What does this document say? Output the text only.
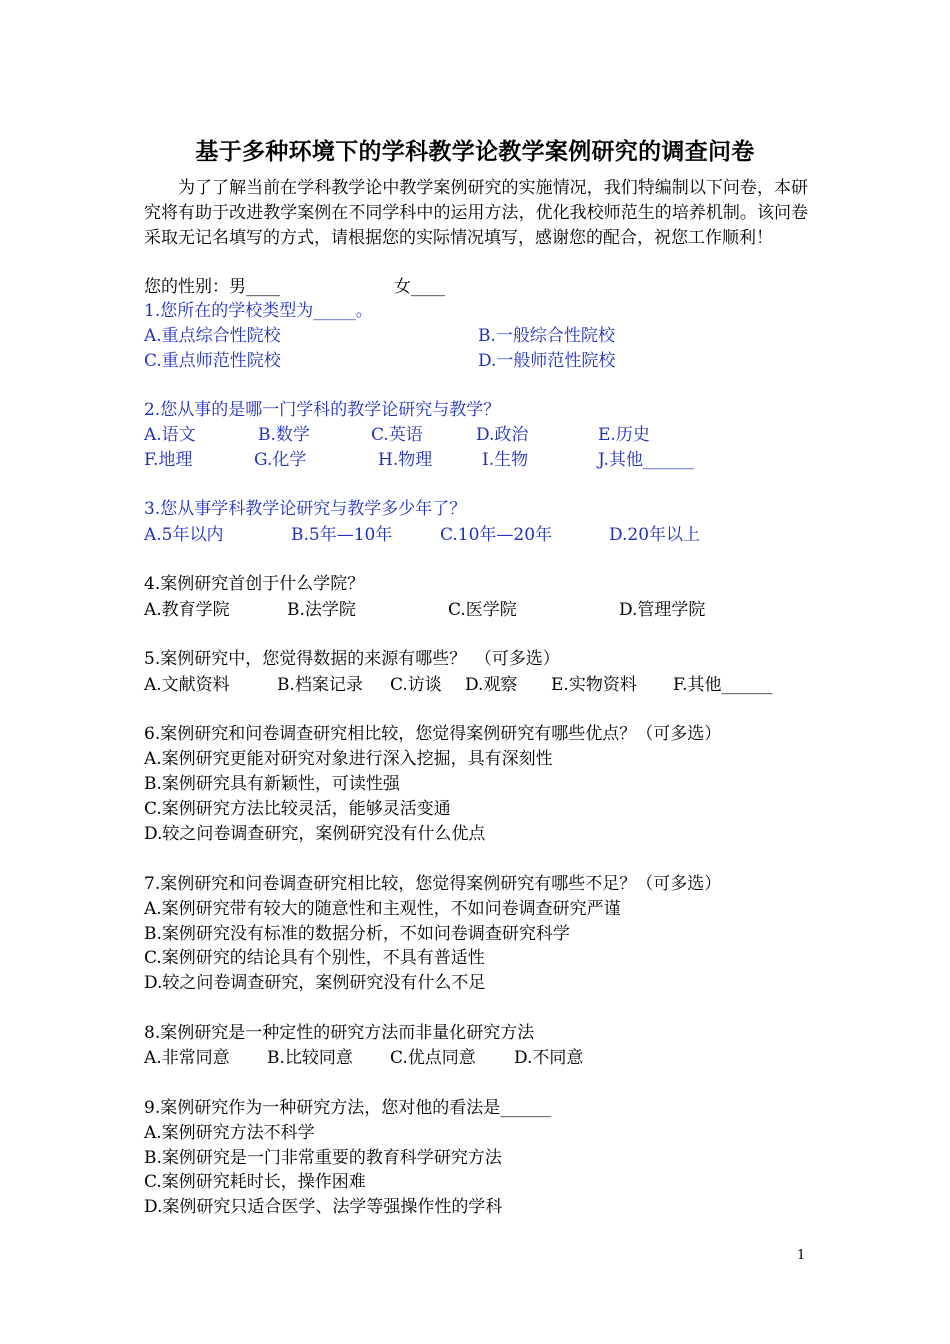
基于多种环境下的学科教学论教学案例研究的调查问卷
为了了解当前在学科教学论中教学案例研究的实施情况，我们特编制以下问卷，本研究将有助于改进教学案例在不同学科中的运用方法，优化我校师范生的培养机制。该问卷采取无记名填写的方式，请根据您的实际情况填写，感谢您的配合，祝您工作顺利！
您的性别：男____	女____
1.您所在的学校类型为_____。
A.重点综合性院校	B.一般综合性院校
C.重点师范性院校	D.一般师范性院校
2.您从事的是哪一门学科的教学论研究与教学？
A.语文	B.数学	C.英语	D.政治	E.历史
F.地理	G.化学	H.物理	I.生物	J.其他______
3.您从事学科教学论研究与教学多少年了？
A.5年以内	B.5年—10年	C.10年—20年	D.20年以上
4.案例研究首创于什么学院？
A.教育学院	B.法学院	C.医学院	D.管理学院
5.案例研究中，您觉得数据的来源有哪些？　（可多选）
A.文献资料	B.档案记录 C.访谈 D.观察 E.实物资料 F.其他______
6.案例研究和问卷调查研究相比较，您觉得案例研究有哪些优点？（可多选）
A.案例研究更能对研究对象进行深入挖掘，具有深刻性
B.案例研究具有新颖性，可读性强
C.案例研究方法比较灵活，能够灵活变通
D.较之问卷调查研究，案例研究没有什么优点
7.案例研究和问卷调查研究相比较，您觉得案例研究有哪些不足？（可多选）
A.案例研究带有较大的随意性和主观性，不如问卷调查研究严谨
B.案例研究没有标准的数据分析，不如问卷调查研究科学
C.案例研究的结论具有个别性，不具有普适性
D.较之问卷调查研究，案例研究没有什么不足
8.案例研究是一种定性的研究方法而非量化研究方法
A.非常同意 B.比较同意 C.优点同意 D.不同意
9.案例研究作为一种研究方法，您对他的看法是______
A.案例研究方法不科学
B.案例研究是一门非常重要的教育科学研究方法
C.案例研究耗时长，操作困难
D.案例研究只适合医学、法学等强操作性的学科
1
